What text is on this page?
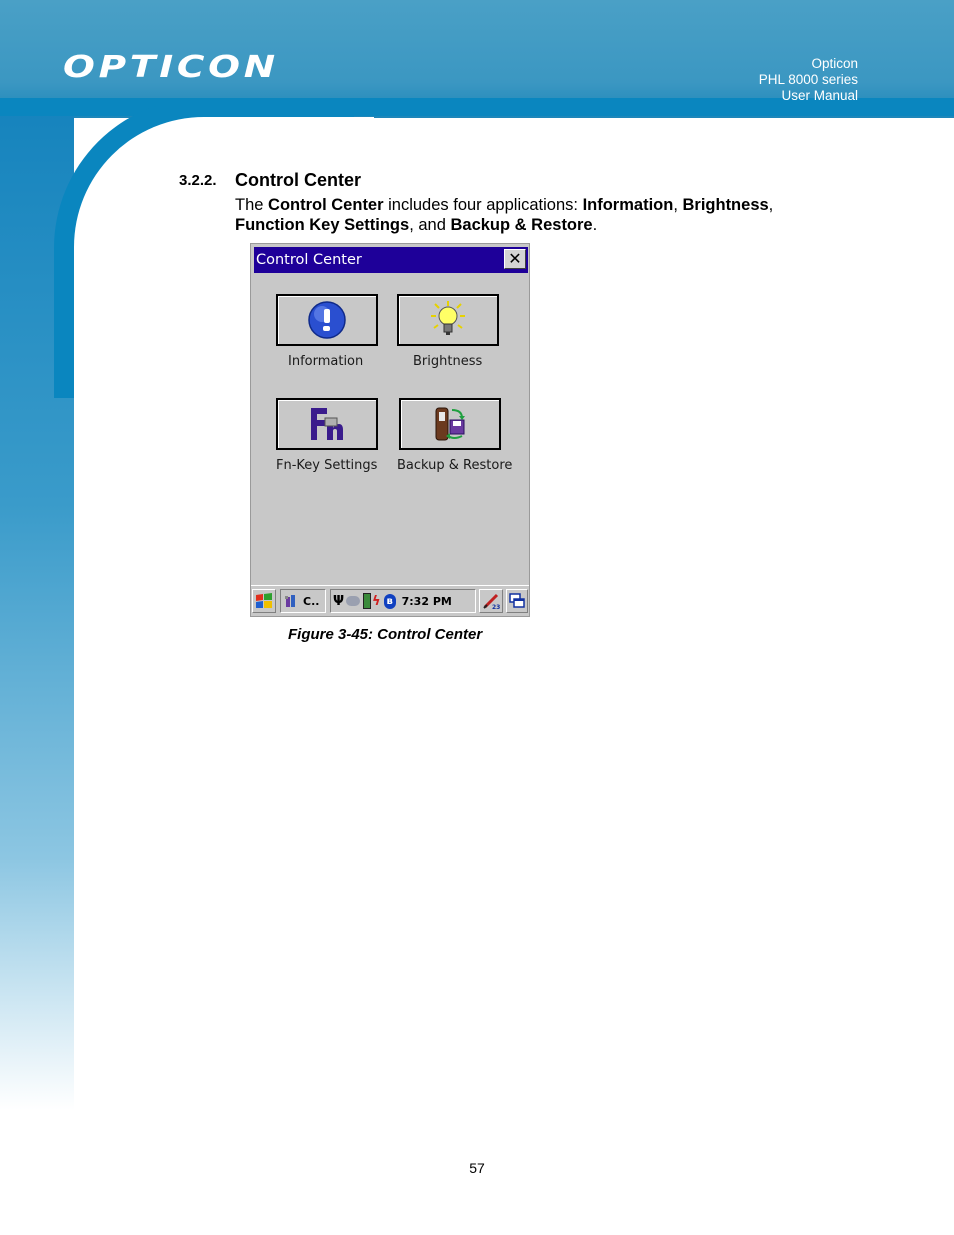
OPTICON	Opticon
PHL 8000 series
User Manual
3.2.2. Control Center
The Control Center includes four applications: Information, Brightness,
Function Key Settings, and Backup & Restore.
Control Center	✕
Information	Brightness
Fn-Key Settings Backup & Restore
C.. Ψ ϟ ʙ 7:32 PM	23
Figure 3-45: Control Center
57
